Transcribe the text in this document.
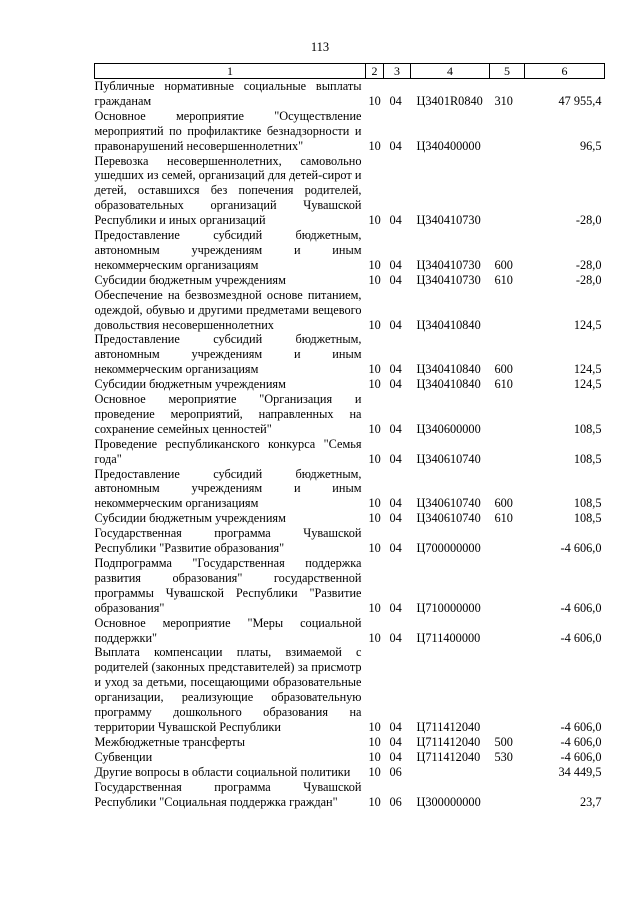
113
1	2	3	4	5	6
Публичные нормативные социальные выплаты гражданам	10	04	Ц3401R0840	310	47 955,4
Основное мероприятие "Осуществление мероприятий по профилактике безнадзорности и правонарушений несовершеннолетних"	10	04	Ц340400000		96,5
Перевозка несовершеннолетних, самовольно ушедших из семей, организаций для детей-сирот и детей, оставшихся без попечения родителей, образовательных организаций Чувашской Республики и иных организаций	10	04	Ц340410730		-28,0
Предоставление субсидий бюджетным, автономным учреждениям и иным некоммерческим организациям	10	04	Ц340410730	600	-28,0
Субсидии бюджетным учреждениям	10	04	Ц340410730	610	-28,0
Обеспечение на безвозмездной основе питанием, одеждой, обувью и другими предметами вещевого довольствия несовершеннолетних	10	04	Ц340410840		124,5
Предоставление субсидий бюджетным, автономным учреждениям и иным некоммерческим организациям	10	04	Ц340410840	600	124,5
Субсидии бюджетным учреждениям	10	04	Ц340410840	610	124,5
Основное мероприятие "Организация и проведение мероприятий, направленных на сохранение семейных ценностей"	10	04	Ц340600000		108,5
Проведение республиканского конкурса "Семья года"	10	04	Ц340610740		108,5
Предоставление субсидий бюджетным, автономным учреждениям и иным некоммерческим организациям	10	04	Ц340610740	600	108,5
Субсидии бюджетным учреждениям	10	04	Ц340610740	610	108,5
Государственная программа Чувашской Республики "Развитие образования"	10	04	Ц700000000		-4 606,0
Подпрограмма "Государственная поддержка развития образования" государственной программы Чувашской Республики "Развитие образования"	10	04	Ц710000000		-4 606,0
Основное мероприятие "Меры социальной поддержки"	10	04	Ц711400000		-4 606,0
Выплата компенсации платы, взимаемой с родителей (законных представителей) за присмотр и уход за детьми, посещающими образовательные организации, реализующие образовательную программу дошкольного образования на территории Чувашской Республики	10	04	Ц711412040		-4 606,0
Межбюджетные трансферты	10	04	Ц711412040	500	-4 606,0
Субвенции	10	04	Ц711412040	530	-4 606,0
Другие вопросы в области социальной политики	10	06			34 449,5
Государственная программа Чувашской Республики "Социальная поддержка граждан"	10	06	Ц300000000		23,7
